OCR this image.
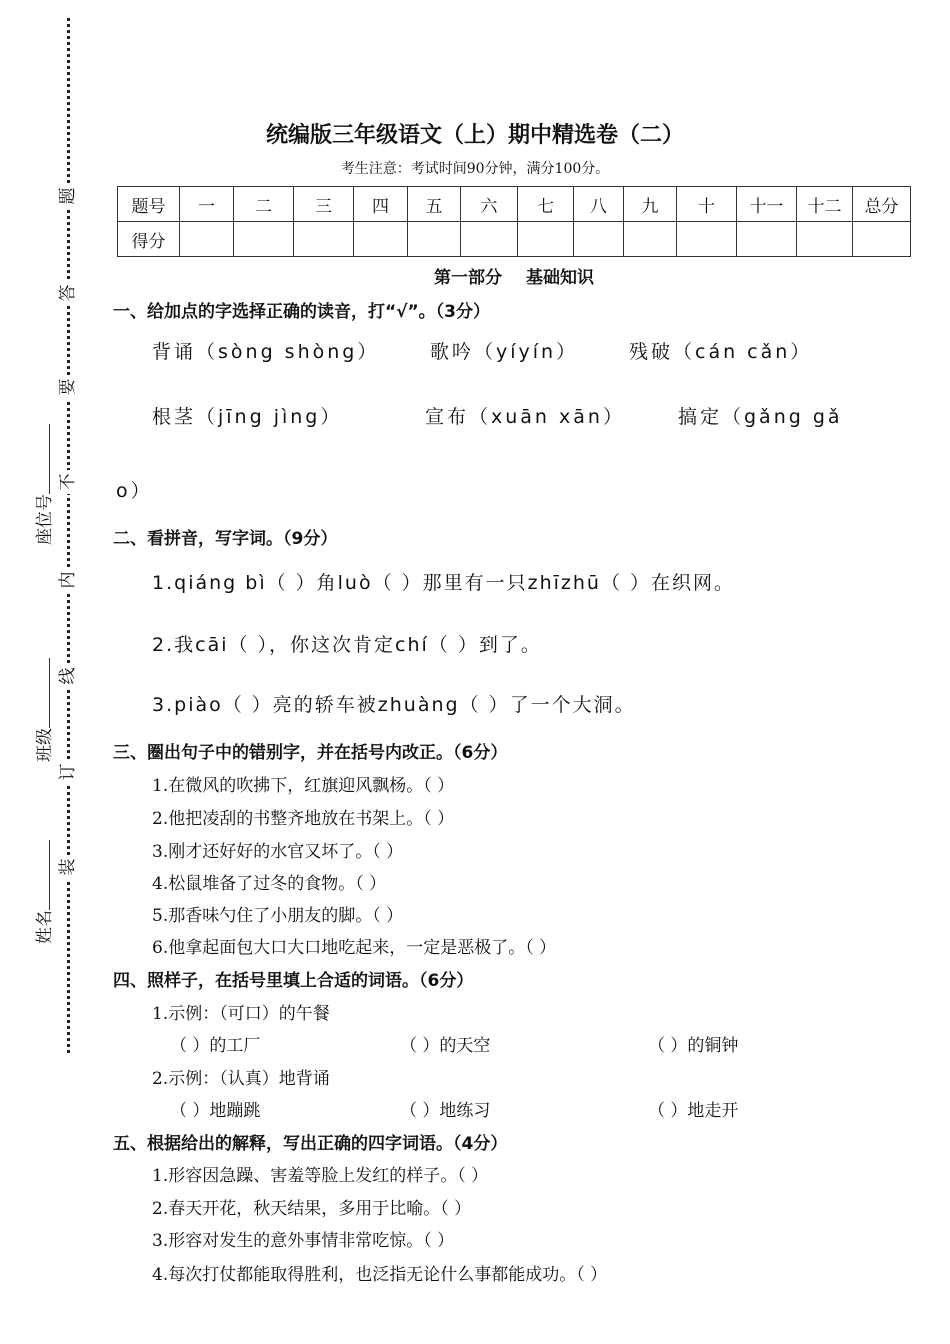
题
答
要
不
内
线
订
装
座位号
班级
姓名
统编版三年级语文（上）期中精选卷（二）
考生注意：考试时间90分钟，满分100分。
题号	一	二	三	四	五	六	七	八	九	十	十一	十二	总分
得分													
第一部分 基础知识
一、给加点的字选择正确的读音，打“√”。（3分）
背诵（sòng shòng）	歌吟（yíyín）	残破（cán cǎn）
根茎（jīng jìng）	宣布（xuān xān）	搞定（gǎng gǎ
o）
二、看拼音，写字词。（9分）
1.qiáng bì（ ）角luò（ ）那里有一只zhīzhū（ ）在织网。
2.我cāi（ ），你这次肯定chí（ ）到了。
3.piào（ ）亮的轿车被zhuàng（ ）了一个大洞。
三、圈出句子中的错别字，并在括号内改正。（6分）
1.在微风的吹拂下，红旗迎风飘杨。（ ）
2.他把凌刮的书整齐地放在书架上。（ ）
3.刚才还好好的水官又坏了。（ ）
4.松鼠堆备了过冬的食物。（ ）
5.那香味勺住了小朋友的脚。（ ）
6.他拿起面包大口大口地吃起来，一定是恶极了。（ ）
四、照样子，在括号里填上合适的词语。（6分）
1.示例：（可口）的午餐
（ ）的工厂	（ ）的天空	（ ）的铜钟
2.示例：（认真）地背诵
（ ）地蹦跳	（ ）地练习	（ ）地走开
五、根据给出的解释，写出正确的四字词语。（4分）
1.形容因急躁、害羞等脸上发红的样子。（ ）
2.春天开花，秋天结果，多用于比喻。（ ）
3.形容对发生的意外事情非常吃惊。（ ）
4.每次打仗都能取得胜利，也泛指无论什么事都能成功。（ ）
